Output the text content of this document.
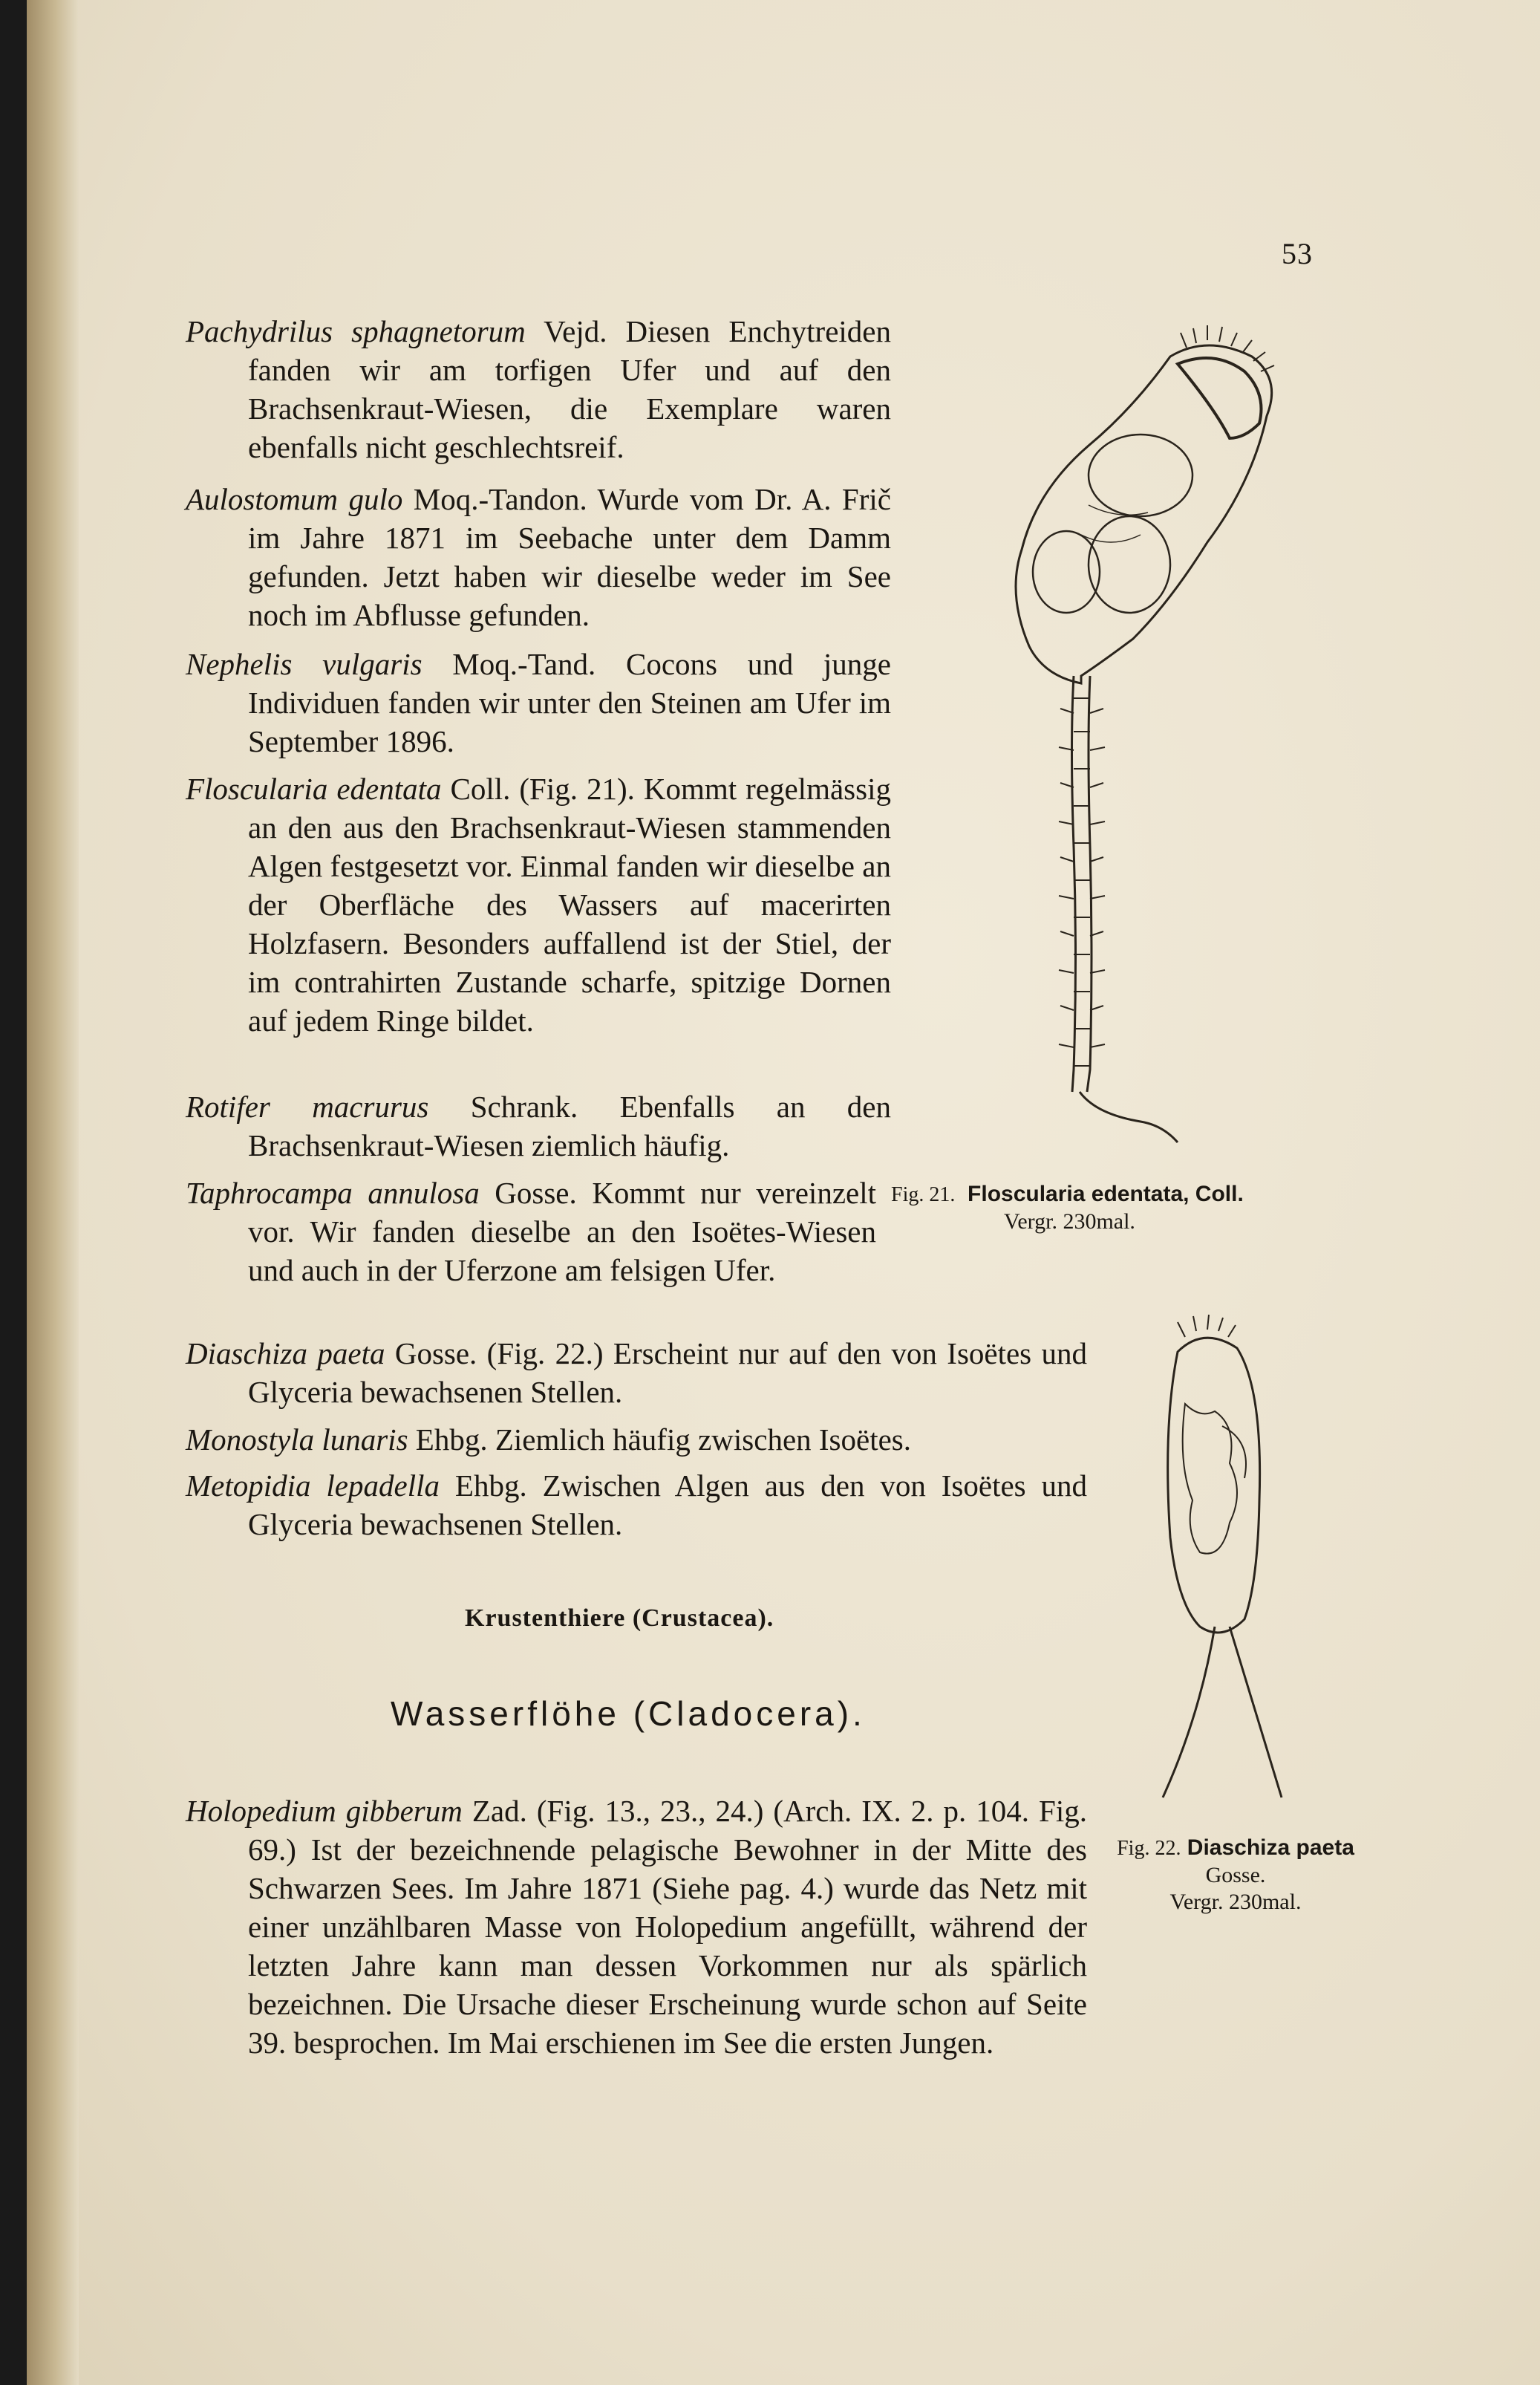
53
Pachydrilus sphagnetorum Vejd. Diesen Enchytreiden fanden wir am torfigen Ufer und auf den Brachsenkraut-Wiesen, die Exemplare waren ebenfalls nicht geschlechtsreif.
Aulostomum gulo Moq.-Tandon. Wurde vom Dr. A. Frič im Jahre 1871 im Seebache unter dem Damm gefunden. Jetzt haben wir dieselbe weder im See noch im Abflusse gefunden.
Nephelis vulgaris Moq.-Tand. Cocons und junge Individuen fanden wir unter den Steinen am Ufer im September 1896.
Floscularia edentata Coll. (Fig. 21). Kommt regelmässig an den aus den Brachsenkraut-Wiesen stammenden Algen festgesetzt vor. Einmal fanden wir dieselbe an der Oberfläche des Wassers auf macerirten Holzfasern. Besonders auffallend ist der Stiel, der im contrahirten Zustande scharfe, spitzige Dornen auf jedem Ringe bildet.
Rotifer macrurus Schrank. Ebenfalls an den Brachsenkraut-Wiesen ziemlich häufig.
Taphrocampa annulosa Gosse. Kommt nur vereinzelt vor. Wir fanden dieselbe an den Isoëtes-Wiesen und auch in der Uferzone am felsigen Ufer.
Diaschiza paeta Gosse. (Fig. 22.) Erscheint nur auf den von Isoëtes und Glyceria bewachsenen Stellen.
Monostyla lunaris Ehbg. Ziemlich häufig zwischen Isoëtes.
Metopidia lepadella Ehbg. Zwischen Algen aus den von Isoëtes und Glyceria bewachsenen Stellen.
Krustenthiere (Crustacea).
Wasserflöhe (Cladocera).
Holopedium gibberum Zad. (Fig. 13., 23., 24.) (Arch. IX. 2. p. 104. Fig. 69.) Ist der bezeichnende pelagische Bewohner in der Mitte des Schwarzen Sees. Im Jahre 1871 (Siehe pag. 4.) wurde das Netz mit einer unzählbaren Masse von Holopedium angefüllt, während der letzten Jahre kann man dessen Vorkommen nur als spärlich bezeichnen. Die Ursache dieser Erscheinung wurde schon auf Seite 39. besprochen. Im Mai erschienen im See die ersten Jungen.
Fig. 21. Floscularia edentata, Coll.
Vergr. 230mal.
Fig. 22. Diaschiza paeta
Gosse.
Vergr. 230mal.
